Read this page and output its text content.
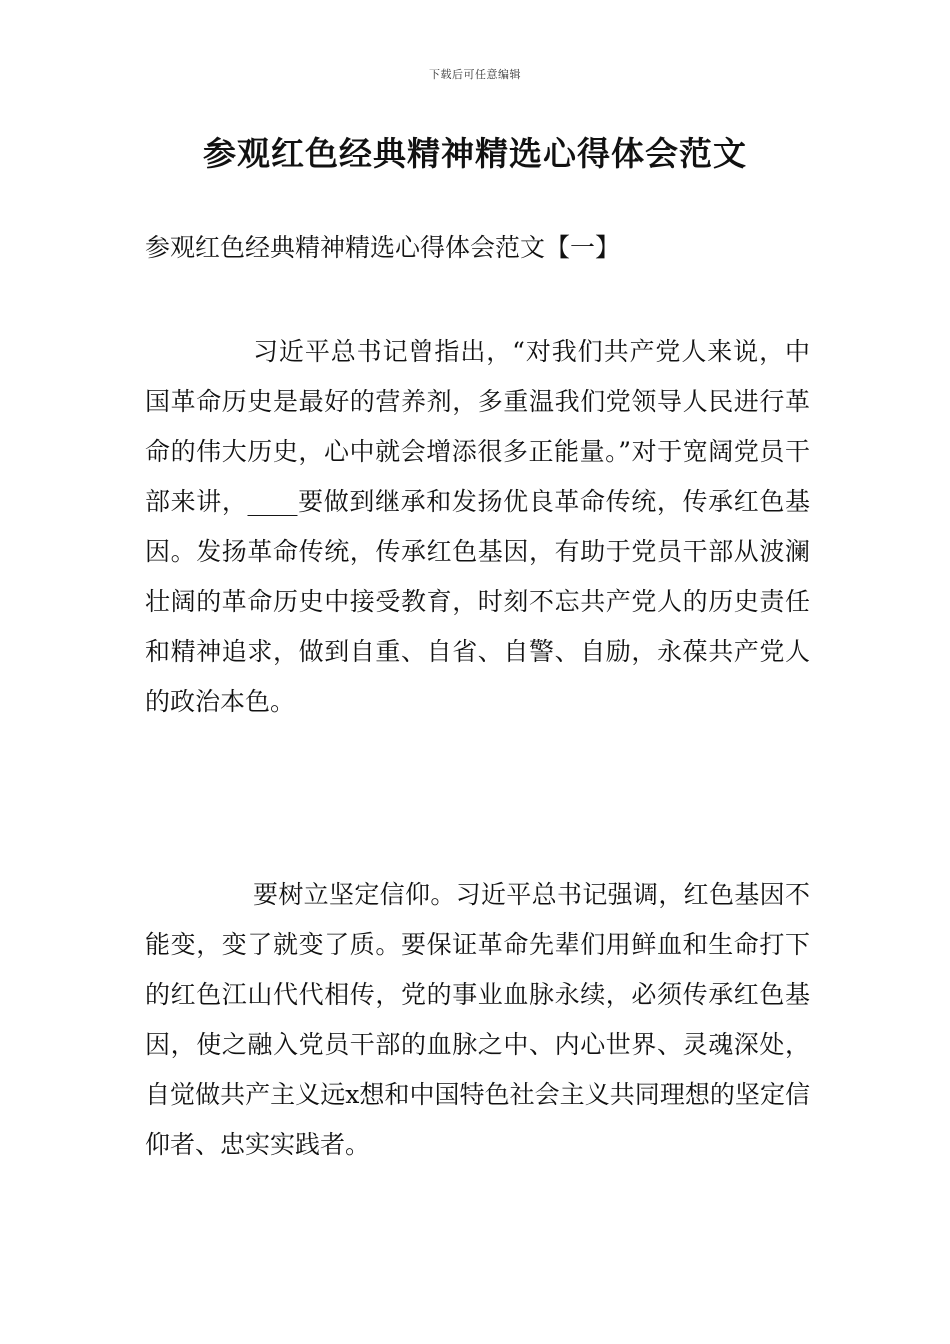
下载后可任意编辑
参观红色经典精神精选心得体会范文
参观红色经典精神精选心得体会范文【一】

习近平总书记曾指出，“对我们共产党人来说，中国革命历史是最好的营养剂，多重温我们党领导人民进行革命的伟大历史，心中就会增添很多正能量。”对于宽阔党员干部来讲，____要做到继承和发扬优良革命传统，传承红色基因。发扬革命传统，传承红色基因，有助于党员干部从波澜壮阔的革命历史中接受教育，时刻不忘共产党人的历史责任和精神追求，做到自重、自省、自警、自励，永葆共产党人的政治本色。

要树立坚定信仰。习近平总书记强调，红色基因不能变，变了就变了质。要保证革命先辈们用鲜血和生命打下的红色江山代代相传，党的事业血脉永续，必须传承红色基因，使之融入党员干部的血脉之中、内心世界、灵魂深处，自觉做共产主义远x想和中国特色社会主义共同理想的坚定信仰者、忠实实践者。
